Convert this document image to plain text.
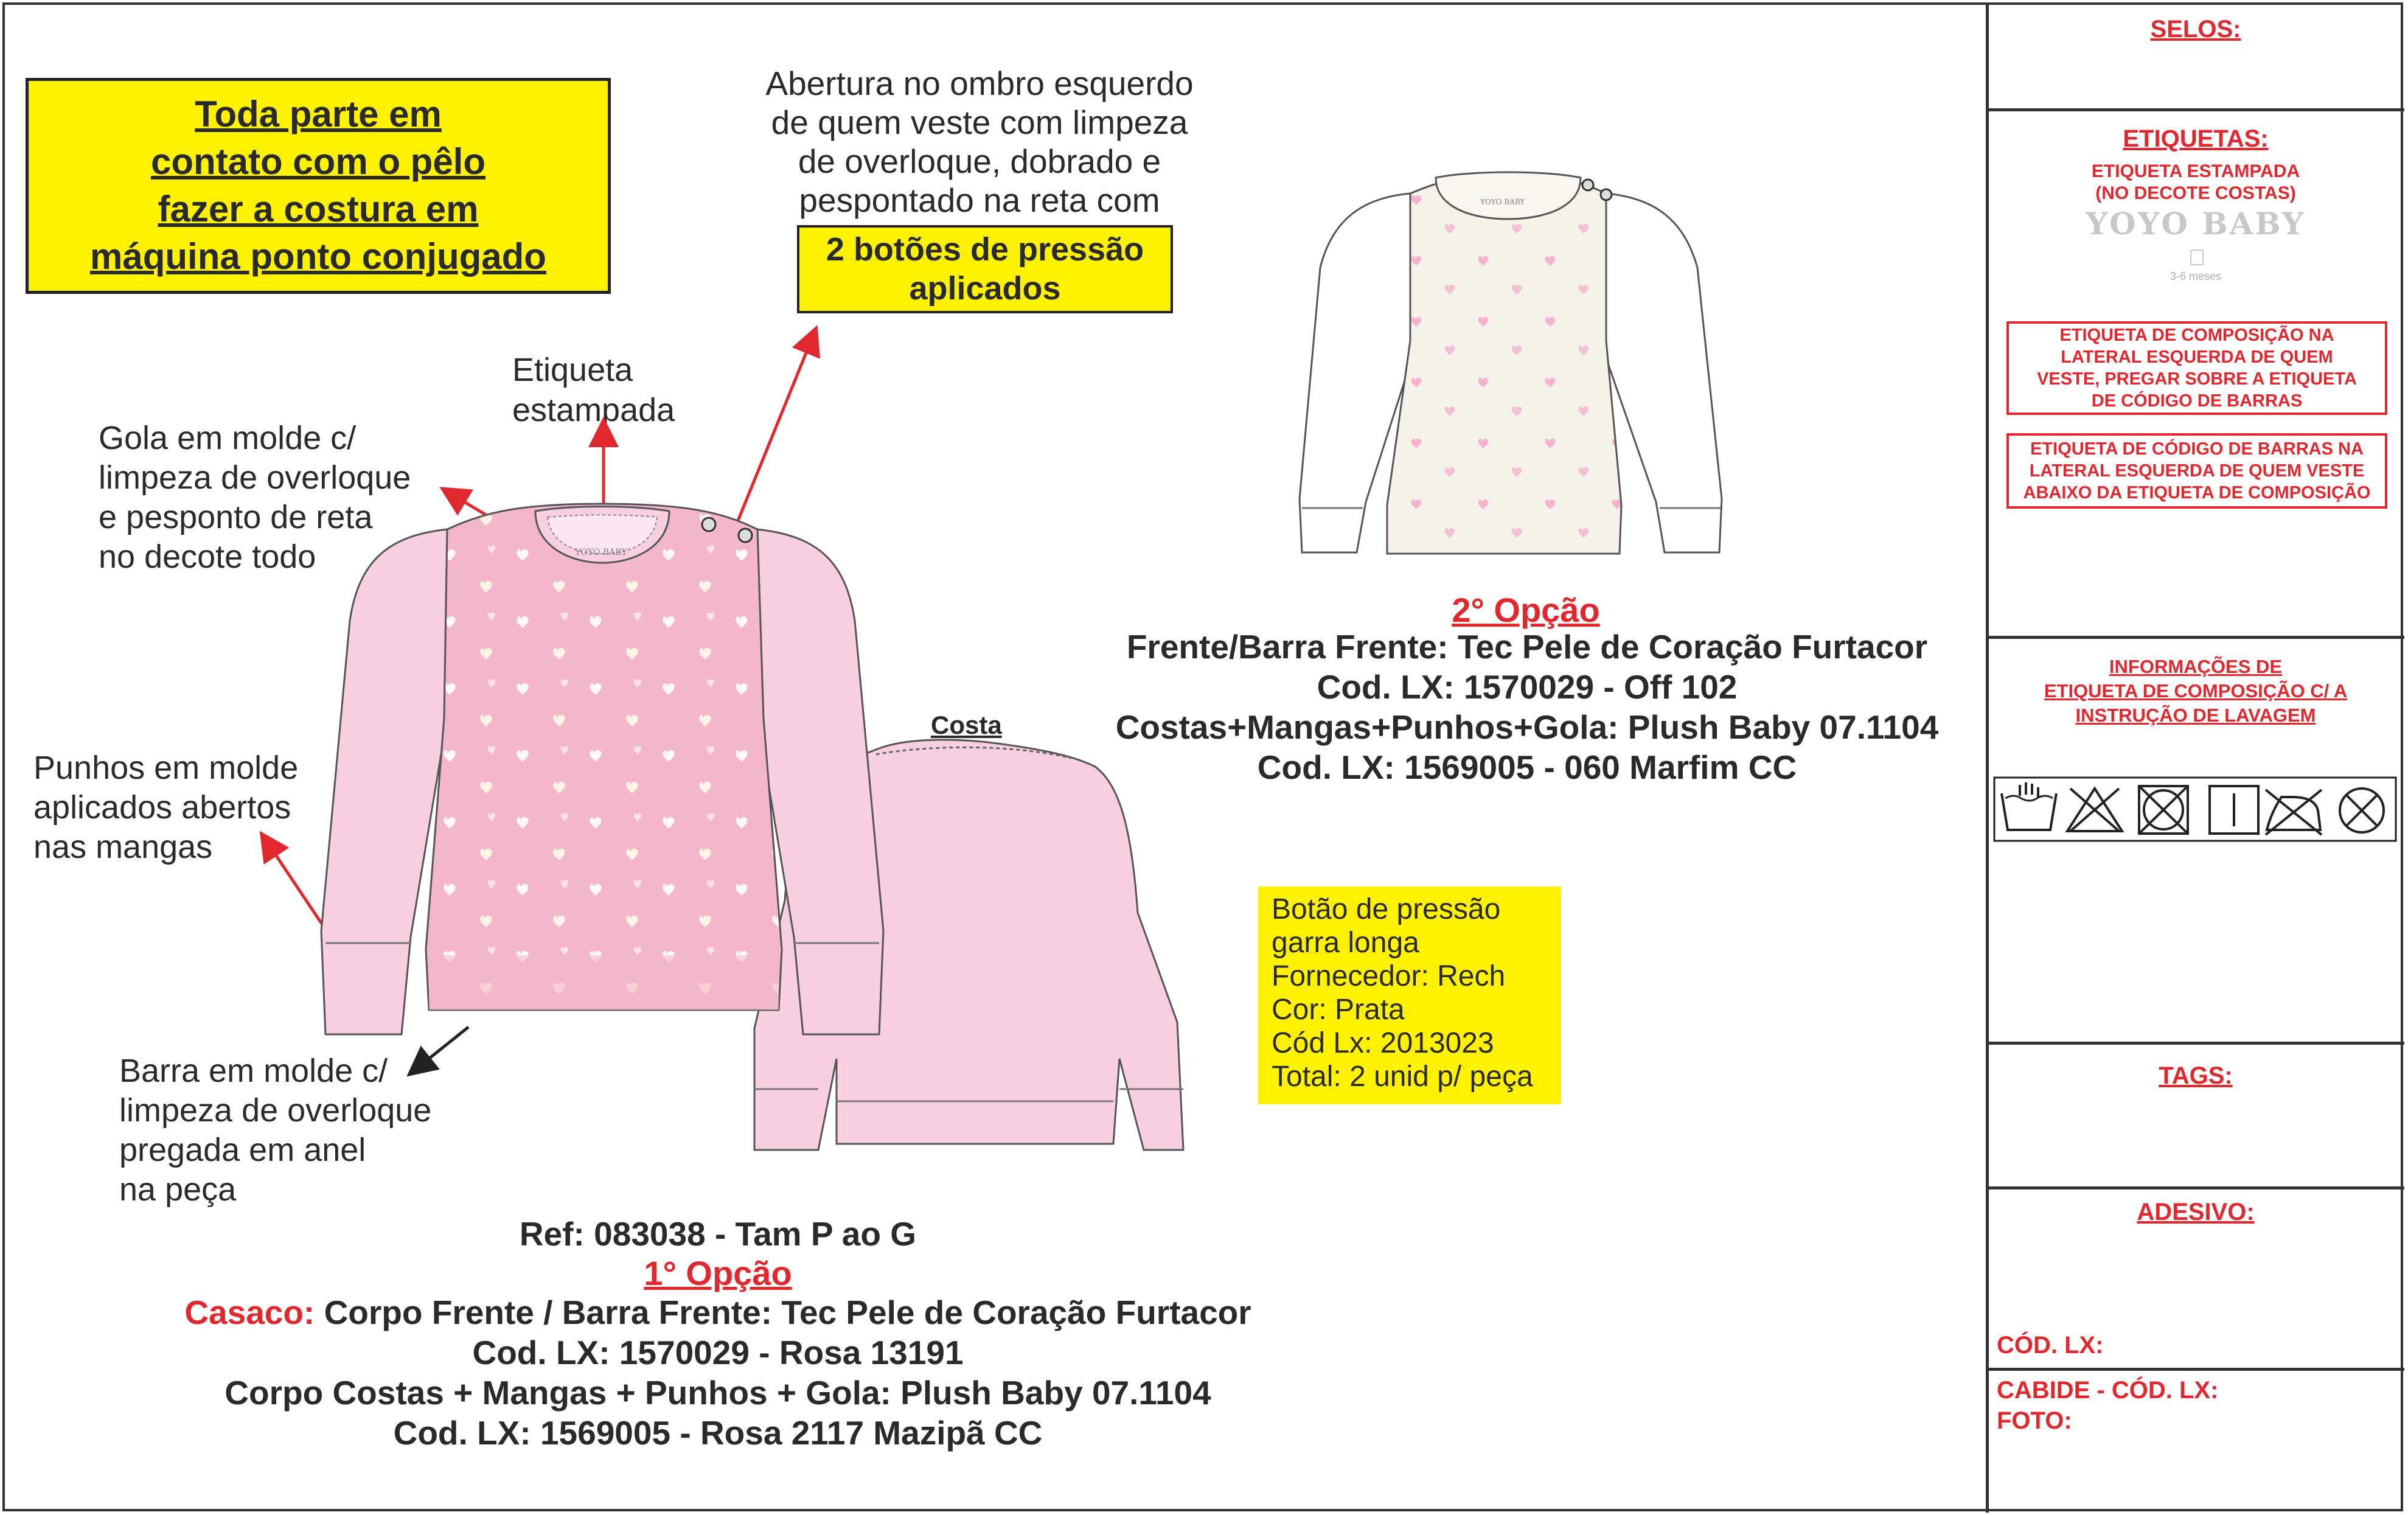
Toda parte em
contato com o pêlo
fazer a costura em
máquina ponto conjugado
Abertura no ombro esquerdo
de quem veste com limpeza
de overloque, dobrado e
pespontado na reta com
2 botões de pressão
aplicados
Etiqueta
estampada
Gola em molde c/
limpeza de overloque
e pesponto de reta
no decote todo
Punhos em molde
aplicados abertos
nas mangas
Barra em molde c/
limpeza de overloque
pregada em anel
na peça
YOYO BABY
YOYO BABY
Costa
Botão de pressão
garra longa
Fornecedor: Rech
Cor: Prata
Cód Lx: 2013023
Total: 2 unid p/ peça
2° Opção
Frente/Barra Frente: Tec Pele de Coração Furtacor
Cod. LX: 1570029 - Off 102
Costas+Mangas+Punhos+Gola: Plush Baby 07.1104
Cod. LX: 1569005 - 060 Marfim CC
Ref: 083038 - Tam P ao G
1° Opção
Casaco: Corpo Frente / Barra Frente: Tec Pele de Coração Furtacor
Cod. LX: 1570029 - Rosa 13191
Corpo Costas + Mangas + Punhos + Gola: Plush Baby 07.1104
Cod. LX: 1569005 - Rosa 2117 Mazipã CC
SELOS:
ETIQUETAS:
ETIQUETA ESTAMPADA
(NO DECOTE COSTAS)
YOYO BABY
3-6 meses
ETIQUETA DE COMPOSIÇÃO NA
LATERAL ESQUERDA DE QUEM
VESTE, PREGAR SOBRE A ETIQUETA
DE CÓDIGO DE BARRAS
ETIQUETA DE CÓDIGO DE BARRAS NA
LATERAL ESQUERDA DE QUEM VESTE
ABAIXO DA ETIQUETA DE COMPOSIÇÃO
INFORMAÇÕES DE
ETIQUETA DE COMPOSIÇÃO C/ A
INSTRUÇÃO DE LAVAGEM
TAGS:
ADESIVO:
CÓD. LX:
CABIDE - CÓD. LX:
FOTO:
